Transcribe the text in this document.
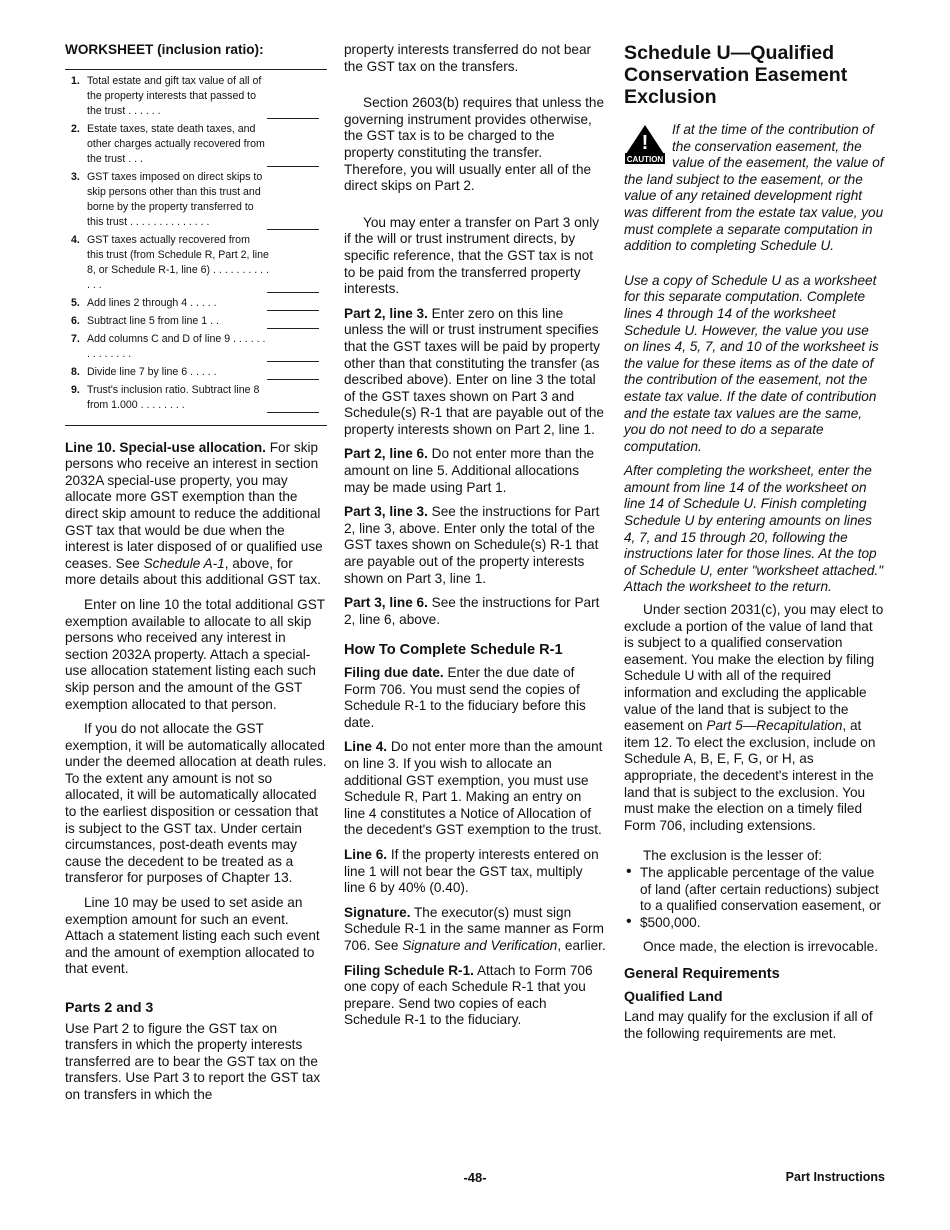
WORKSHEET (inclusion ratio):
1. Total estate and gift tax value of all of the property interests that passed to the trust . . . . . .
2. Estate taxes, state death taxes, and other charges actually recovered from the trust . . .
3. GST taxes imposed on direct skips to skip persons other than this trust and borne by the property transferred to this trust . . . . . . . . . . . . . .
4. GST taxes actually recovered from this trust (from Schedule R, Part 2, line 8, or Schedule R-1, line 6) . . . . . . . . . . . . .
5. Add lines 2 through 4 . . . . .
6. Subtract line 5 from line 1 . .
7. Add columns C and D of line 9 . . . . . . . . . . . . . .
8. Divide line 7 by line 6 . . . . .
9. Trust's inclusion ratio. Subtract line 8 from 1.000 . . . . . . . .

Line 10. Special-use allocation. For skip persons who receive an interest in section 2032A special-use property, you may allocate more GST exemption than the direct skip amount to reduce the additional GST tax that would be due when the interest is later disposed of or qualified use ceases. See Schedule A-1, above, for more details about this additional GST tax.

Enter on line 10 the total additional GST exemption available to allocate to all skip persons who received any interest in section 2032A property. Attach a special-use allocation statement listing each such skip person and the amount of the GST exemption allocated to that person.

If you do not allocate the GST exemption, it will be automatically allocated under the deemed allocation at death rules. To the extent any amount is not so allocated, it will be automatically allocated to the earliest disposition or cessation that is subject to the GST tax. Under certain circumstances, post-death events may cause the decedent to be treated as a transferor for purposes of Chapter 13.

Line 10 may be used to set aside an exemption amount for such an event. Attach a statement listing each such event and the amount of exemption allocated to that event.

Parts 2 and 3

Use Part 2 to figure the GST tax on transfers in which the property interests transferred are to bear the GST tax on the transfers. Use Part 3 to report the GST tax on transfers in which the

property interests transferred do not bear the GST tax on the transfers.

Section 2603(b) requires that unless the governing instrument provides otherwise, the GST tax is to be charged to the property constituting the transfer. Therefore, you will usually enter all of the direct skips on Part 2.

You may enter a transfer on Part 3 only if the will or trust instrument directs, by specific reference, that the GST tax is not to be paid from the transferred property interests.

Part 2, line 3. Enter zero on this line unless the will or trust instrument specifies that the GST taxes will be paid by property other than that constituting the transfer (as described above). Enter on line 3 the total of the GST taxes shown on Part 3 and Schedule(s) R-1 that are payable out of the property interests shown on Part 2, line 1.

Part 2, line 6. Do not enter more than the amount on line 5. Additional allocations may be made using Part 1.

Part 3, line 3. See the instructions for Part 2, line 3, above. Enter only the total of the GST taxes shown on Schedule(s) R-1 that are payable out of the property interests shown on Part 3, line 1.

Part 3, line 6. See the instructions for Part 2, line 6, above.

How To Complete Schedule R-1

Filing due date. Enter the due date of Form 706. You must send the copies of Schedule R-1 to the fiduciary before this date.

Line 4. Do not enter more than the amount on line 3. If you wish to allocate an additional GST exemption, you must use Schedule R, Part 1. Making an entry on line 4 constitutes a Notice of Allocation of the decedent's GST exemption to the trust.

Line 6. If the property interests entered on line 1 will not bear the GST tax, multiply line 6 by 40% (0.40).

Signature. The executor(s) must sign Schedule R-1 in the same manner as Form 706. See Signature and Verification, earlier.

Filing Schedule R-1. Attach to Form 706 one copy of each Schedule R-1 that you prepare. Send two copies of each Schedule R-1 to the fiduciary.

Schedule U—Qualified Conservation Easement Exclusion
!
CAUTION

If at the time of the contribution of the conservation easement, the value of the easement, the value of the land subject to the easement, or the value of any retained development right was different from the estate tax value, you must complete a separate computation in addition to completing Schedule U.

Use a copy of Schedule U as a worksheet for this separate computation. Complete lines 4 through 14 of the worksheet Schedule U. However, the value you use on lines 4, 5, 7, and 10 of the worksheet is the value for these items as of the date of the contribution of the easement, not the estate tax value. If the date of contribution and the estate tax values are the same, you do not need to do a separate computation.

After completing the worksheet, enter the amount from line 14 of the worksheet on line 14 of Schedule U. Finish completing Schedule U by entering amounts on lines 4, 7, and 15 through 20, following the instructions later for those lines. At the top of Schedule U, enter "worksheet attached." Attach the worksheet to the return.

Under section 2031(c), you may elect to exclude a portion of the value of land that is subject to a qualified conservation easement. You make the election by filing Schedule U with all of the required information and excluding the applicable value of the land that is subject to the easement on Part 5—Recapitulation, at item 12. To elect the exclusion, include on Schedule A, B, E, F, G, or H, as appropriate, the decedent's interest in the land that is subject to the exclusion. You must make the election on a timely filed Form 706, including extensions.

The exclusion is the lesser of:

• The applicable percentage of the value of land (after certain reductions) subject to a qualified conservation easement, or
• $500,000.

Once made, the election is irrevocable.

General Requirements
Qualified Land

Land may qualify for the exclusion if all of the following requirements are met.

-48-	Part Instructions
